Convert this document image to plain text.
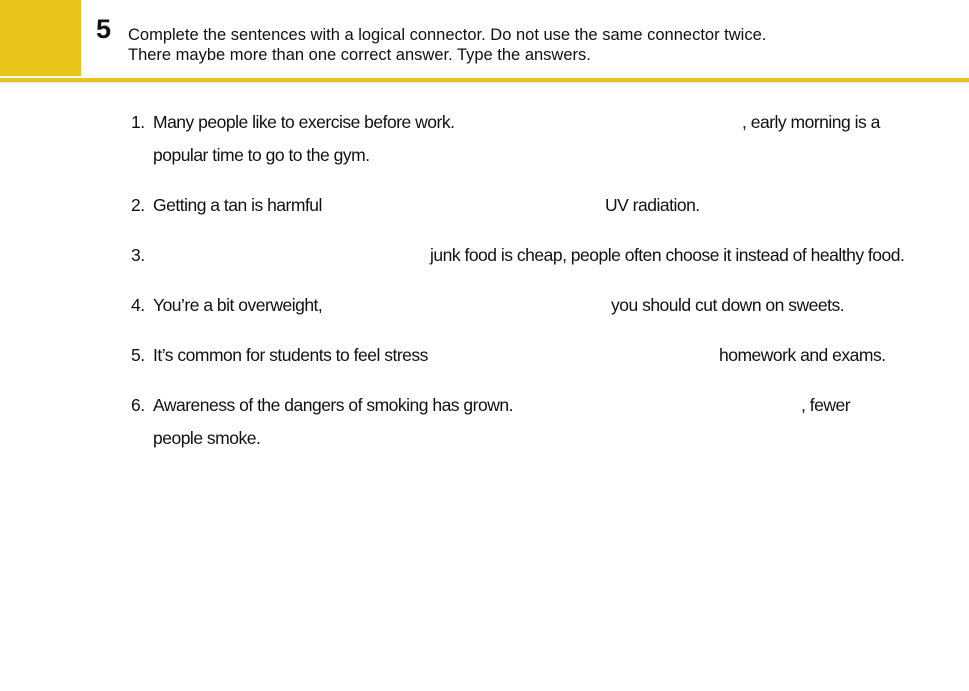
5 Complete the sentences with a logical connector. Do not use the same connector twice.
There maybe more than one correct answer. Type the answers.
1. Many people like to exercise before work.	, early morning is a
popular time to go to the gym.
2. Getting a tan is harmful	UV radiation.
3.	junk food is cheap, people often choose it instead of healthy food.
4. You’re a bit overweight,	you should cut down on sweets.
5. It’s common for students to feel stress	homework and exams.
6. Awareness of the dangers of smoking has grown.	, fewer
people smoke.
